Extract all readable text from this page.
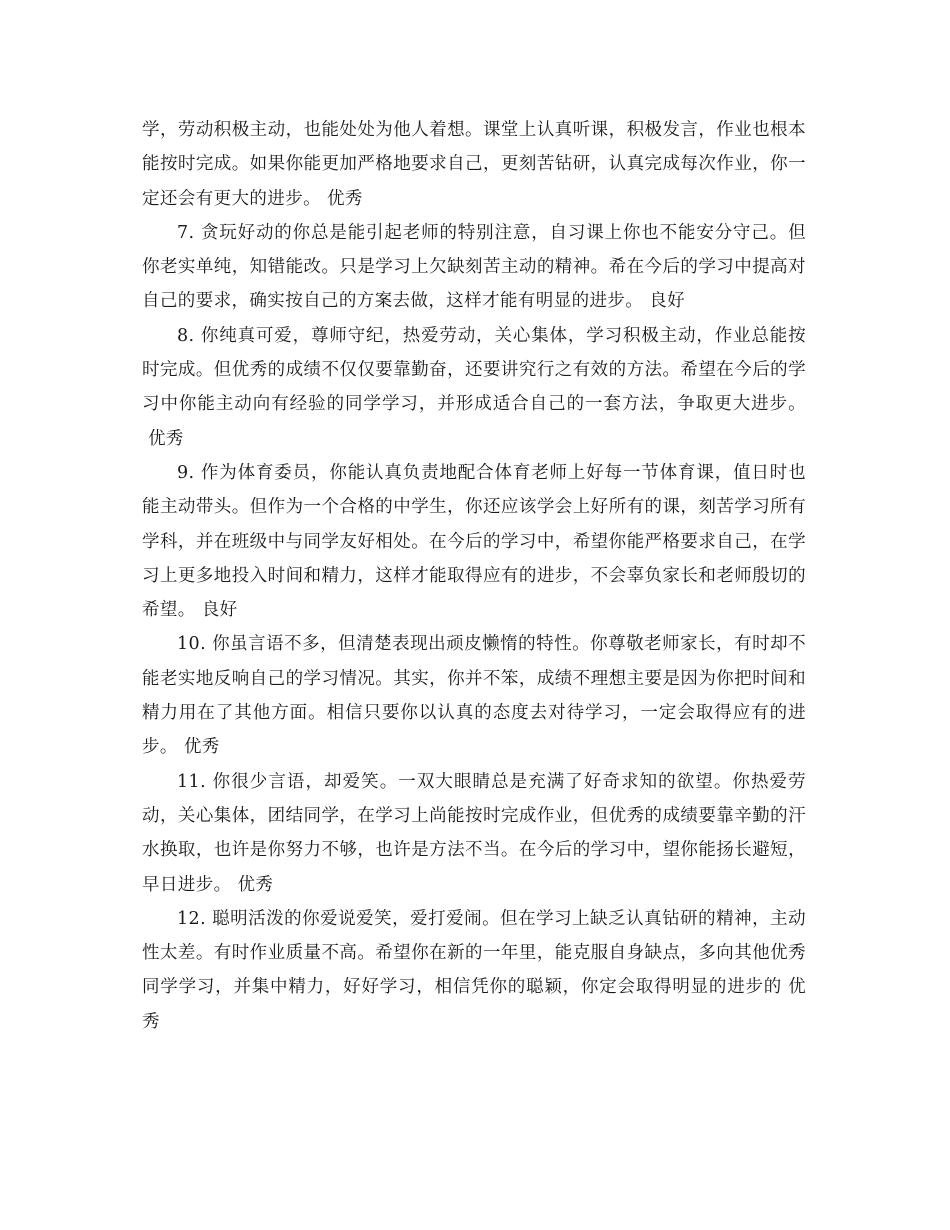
学，劳动积极主动，也能处处为他人着想。课堂上认真听课，积极发言，作业也根本能按时完成。如果你能更加严格地要求自己，更刻苦钻研，认真完成每次作业，你一定还会有更大的进步。 优秀

7. 贪玩好动的你总是能引起老师的特别注意，自习课上你也不能安分守己。但你老实单纯，知错能改。只是学习上欠缺刻苦主动的精神。希在今后的学习中提高对自己的要求，确实按自己的方案去做，这样才能有明显的进步。 良好

8. 你纯真可爱，尊师守纪，热爱劳动，关心集体，学习积极主动，作业总能按时完成。但优秀的成绩不仅仅要靠勤奋，还要讲究行之有效的方法。希望在今后的学习中你能主动向有经验的同学学习，并形成适合自己的一套方法，争取更大进步。优秀

9. 作为体育委员，你能认真负责地配合体育老师上好每一节体育课，值日时也能主动带头。但作为一个合格的中学生，你还应该学会上好所有的课，刻苦学习所有学科，并在班级中与同学友好相处。在今后的学习中，希望你能严格要求自己，在学习上更多地投入时间和精力，这样才能取得应有的进步，不会辜负家长和老师殷切的希望。 良好

10. 你虽言语不多，但清楚表现出顽皮懒惰的特性。你尊敬老师家长，有时却不能老实地反响自己的学习情况。其实，你并不笨，成绩不理想主要是因为你把时间和精力用在了其他方面。相信只要你以认真的态度去对待学习，一定会取得应有的进步。 优秀

11. 你很少言语，却爱笑。一双大眼睛总是充满了好奇求知的欲望。你热爱劳动，关心集体，团结同学，在学习上尚能按时完成作业，但优秀的成绩要靠辛勤的汗水换取，也许是你努力不够，也许是方法不当。在今后的学习中，望你能扬长避短，早日进步。 优秀

12. 聪明活泼的你爱说爱笑，爱打爱闹。但在学习上缺乏认真钻研的精神，主动性太差。有时作业质量不高。希望你在新的一年里，能克服自身缺点，多向其他优秀同学学习，并集中精力，好好学习，相信凭你的聪颖，你定会取得明显的进步的 优秀
